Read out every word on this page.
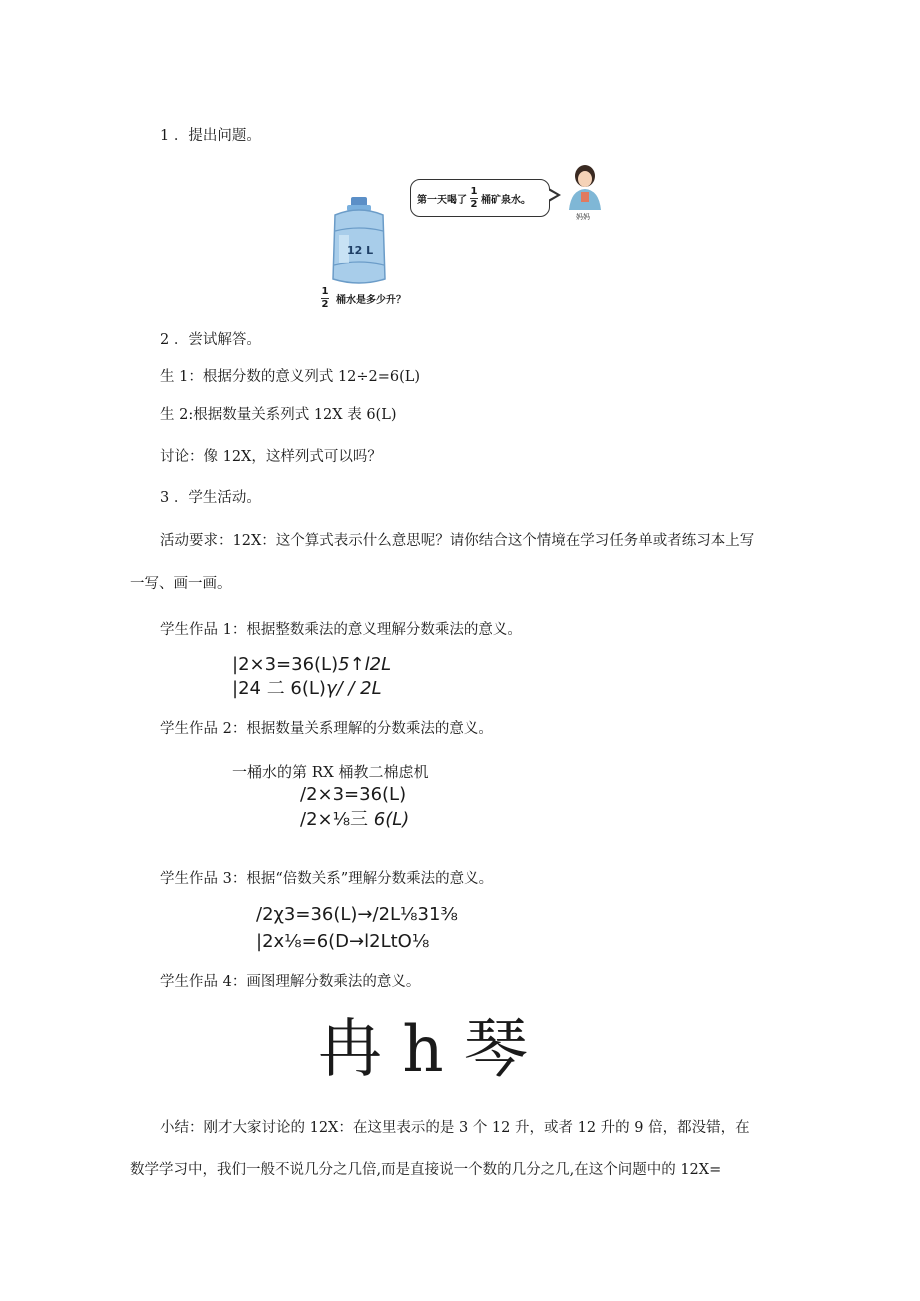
1 ．提出问题。
12 L
第一天喝了 $\frac{1}{2}$ 桶矿泉水。
妈妈
$\frac{1}{2}$ 桶水是多少升？
2 ．尝试解答。
生 1：根据分数的意义列式 12÷2=6(L)
生 2:根据数量关系列式 12X 表 6(L)
讨论：像 12X，这样列式可以吗？
3 ．学生活动。
活动要求：12X：这个算式表示什么意思呢？请你结合这个情境在学习任务单或者练习本上写
一写、画一画。
学生作品 1：根据整数乘法的意义理解分数乘法的意义。
|2×3=36(L)5↑l2L
|24 二 6(L)γ/ / 2L
学生作品 2：根据数量关系理解的分数乘法的意义。
一桶水的第 RX 桶教二棉虑机
/2×3=36(L)
/2×⅛三 6(L)
学生作品 3：根据“倍数关系”理解分数乘法的意义。
/2χ3=36(L)→/2L⅛31⅜
|2x⅛=6(D→l2LtO⅛
学生作品 4：画图理解分数乘法的意义。
冉 h 琴
小结：刚才大家讨论的 12X：在这里表示的是 3 个 12 升，或者 12 升的 9 倍，都没错，在
数学学习中，我们一般不说几分之几倍,而是直接说一个数的几分之几,在这个问题中的 12X=
